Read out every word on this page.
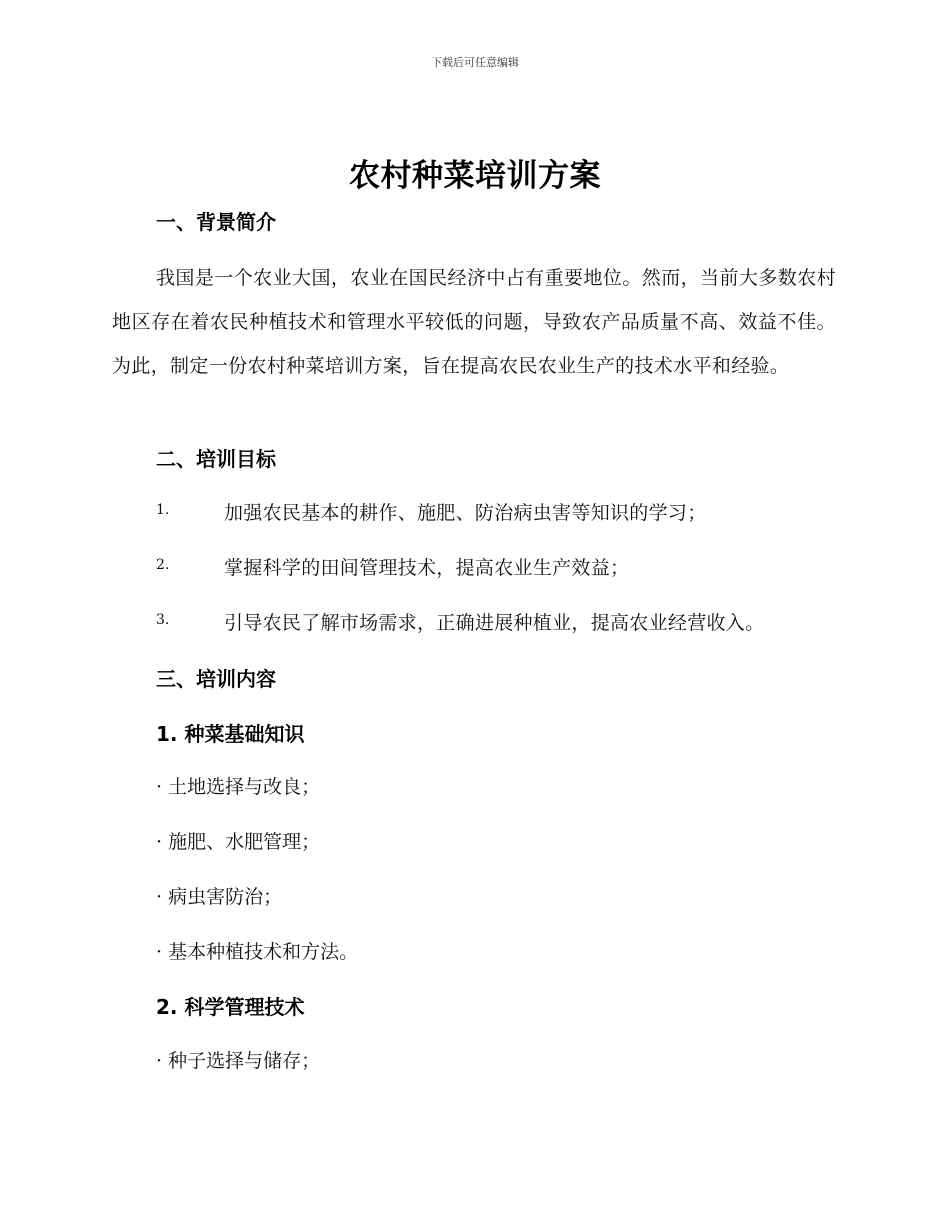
下载后可任意编辑
农村种菜培训方案
一、背景简介
我国是一个农业大国，农业在国民经济中占有重要地位。然而，当前大多数农村地区存在着农民种植技术和管理水平较低的问题，导致农产品质量不高、效益不佳。为此，制定一份农村种菜培训方案，旨在提高农民农业生产的技术水平和经验。
二、培训目标
1.	加强农民基本的耕作、施肥、防治病虫害等知识的学习；
2.	掌握科学的田间管理技术，提高农业生产效益；
3.	引导农民了解市场需求，正确进展种植业，提高农业经营收入。
三、培训内容
1. 种菜基础知识
· 土地选择与改良；
· 施肥、水肥管理；
· 病虫害防治；
· 基本种植技术和方法。
2. 科学管理技术
· 种子选择与储存；
